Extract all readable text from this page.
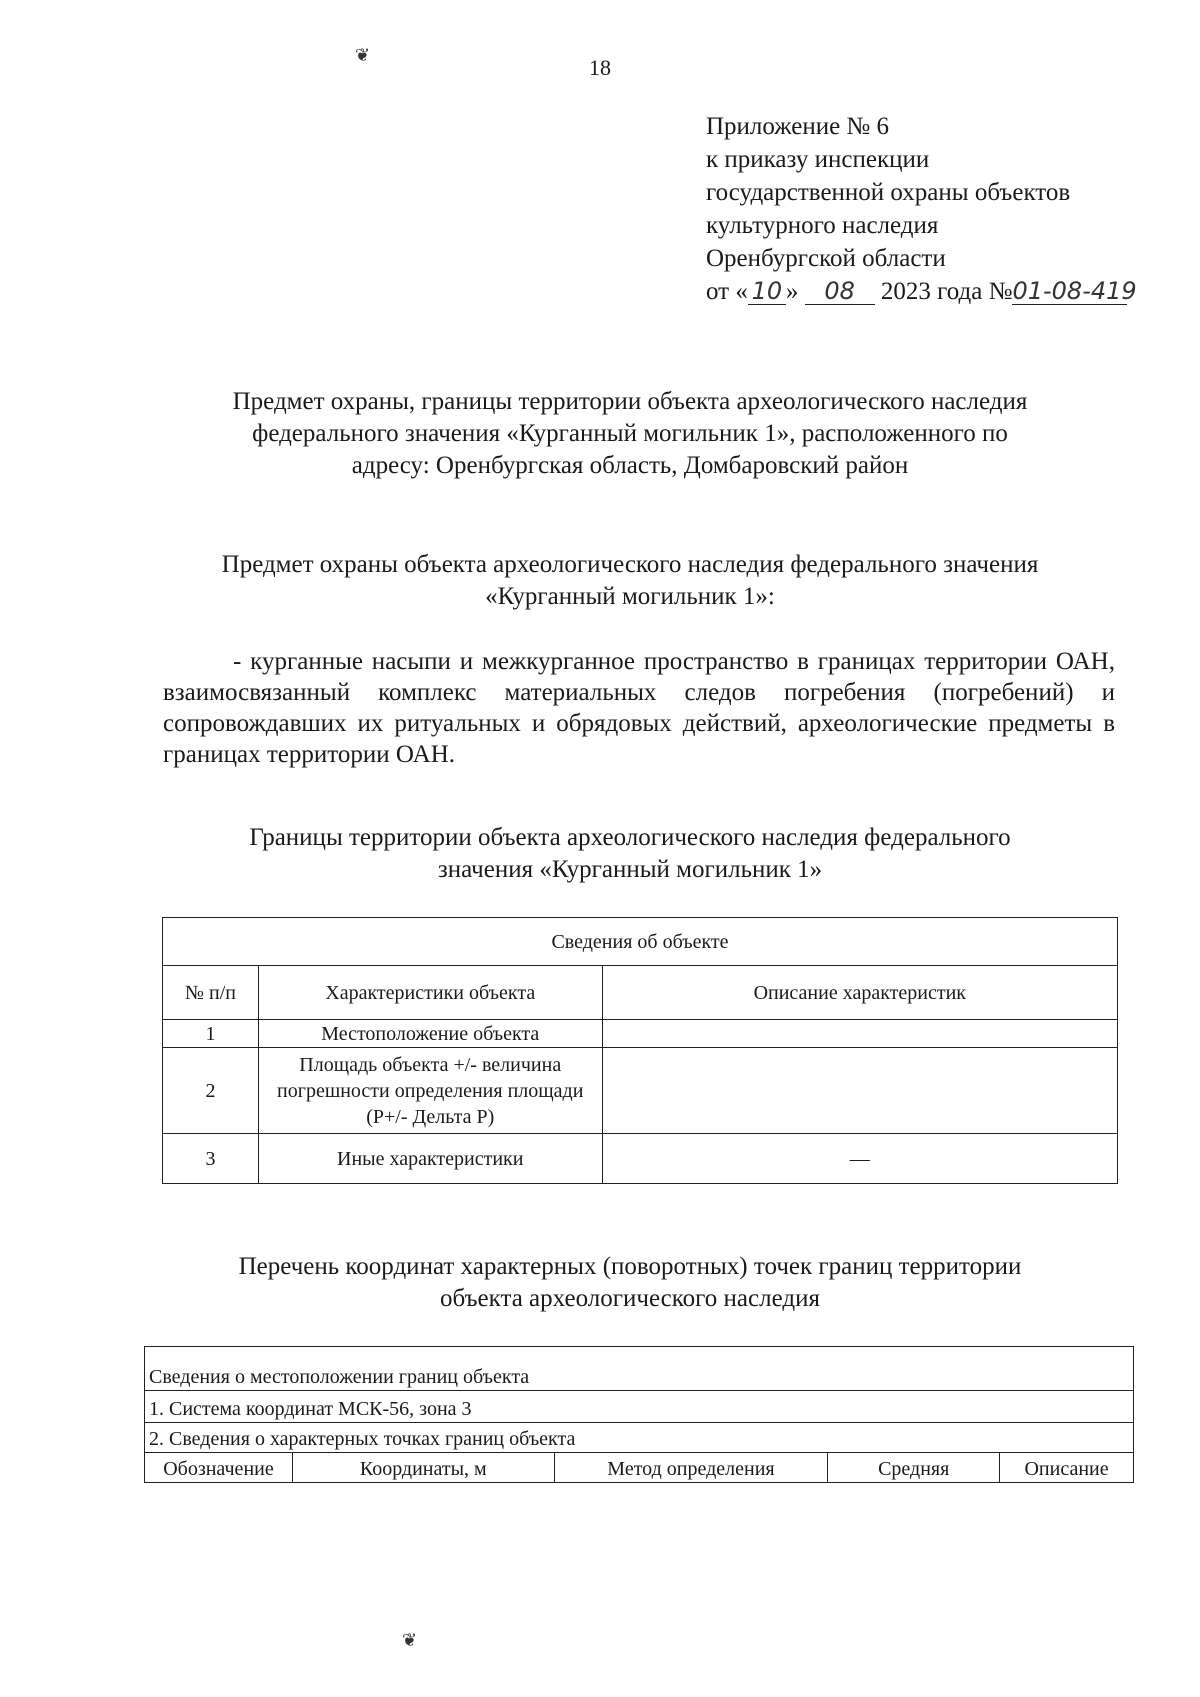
❦	18
Приложение № 6
к приказу инспекции
государственной охраны объектов
культурного наследия
Оренбургской области
от « 10 » 08 2023 года №01-08-419
Предмет охраны, границы территории объекта археологического наследия
федерального значения «Курганный могильник 1», расположенного по
адресу: Оренбургская область, Домбаровский район
Предмет охраны объекта археологического наследия федерального значения
«Курганный могильник 1»:
- курганные насыпи и межкурганное пространство в границах территории ОАН, взаимосвязанный комплекс материальных следов погребения (погребений) и сопровождавших их ритуальных и обрядовых действий, археологические предметы в границах территории ОАН.
Границы территории объекта археологического наследия федерального
значения «Курганный могильник 1»
Сведения об объекте		
№ п/п	Характеристики объекта	Описание характеристик
1	Местоположение объекта	
2	Площадь объекта +/- величина погрешности определения площади (Р+/- Дельта Р)	
3	Иные характеристики	—
Перечень координат характерных (поворотных) точек границ территории
объекта археологического наследия
Сведения о местоположении границ объекта
1. Система координат МСК-56, зона 3
2. Сведения о характерных точках границ объекта
Обозначение	Координаты, м	Метод определения	Средняя	Описание
❦
